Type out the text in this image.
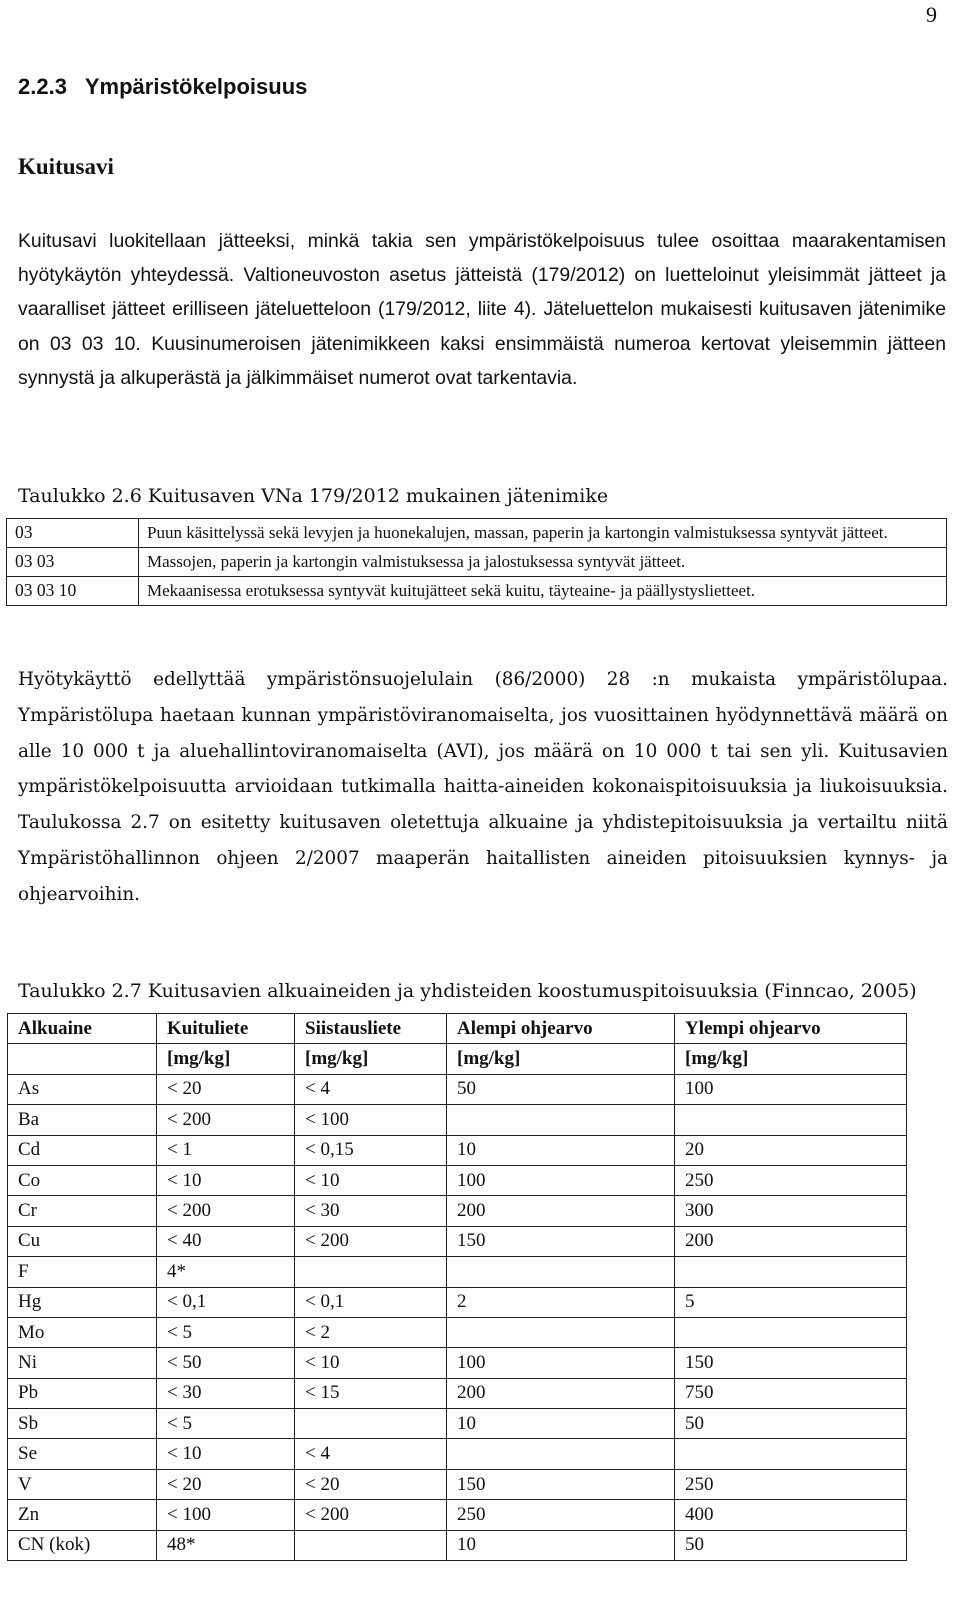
9
2.2.3   Ympäristökelpoisuus
Kuitusavi

Kuitusavi luokitellaan jätteeksi, minkä takia sen ympäristökelpoisuus tulee osoittaa maarakentamisen hyötykäytön yhteydessä. Valtioneuvoston asetus jätteistä (179/2012) on luetteloinut yleisimmät jätteet ja vaaralliset jätteet erilliseen jäteluetteloon (179/2012, liite 4). Jäteluettelon mukaisesti kuitusaven jätenimike on 03 03 10. Kuusinumeroisen jätenimikkeen kaksi ensimmäistä numeroa kertovat yleisemmin jätteen synnystä ja alkuperästä ja jälkimmäiset numerot ovat tarkentavia.

Taulukko 2.6 Kuitusaven VNa 179/2012 mukainen jätenimike

03	Puun käsittelyssä sekä levyjen ja huonekalujen, massan, paperin ja kartongin valmistuksessa syntyvät jätteet.
03 03	Massojen, paperin ja kartongin valmistuksessa ja jalostuksessa syntyvät jätteet.
03 03 10	Mekaanisessa erotuksessa syntyvät kuitujätteet sekä kuitu, täyteaine- ja päällystyslietteet.

Hyötykäyttö edellyttää ympäristönsuojelulain (86/2000) 28 :n mukaista ympäristölupaa. Ympäristölupa haetaan kunnan ympäristöviranomaiselta, jos vuosittainen hyödynnettävä määrä on alle 10 000 t ja aluehallintoviranomaiselta (AVI), jos määrä on 10 000 t tai sen yli. Kuitusavien ympäristökelpoisuutta arvioidaan tutkimalla haitta-aineiden kokonaispitoisuuksia ja liukoisuuksia. Taulukossa 2.7 on esitetty kuitusaven oletettuja alkuaine ja yhdistepitoisuuksia ja vertailtu niitä Ympäristöhallinnon ohjeen 2/2007 maaperän haitallisten aineiden pitoisuuksien kynnys- ja ohjearvoihin.

Taulukko 2.7 Kuitusavien alkuaineiden ja yhdisteiden koostumuspitoisuuksia (Finncao, 2005)

Alkuaine	Kuituliete	Siistausliete	Alempi ohjearvo	Ylempi ohjearvo
	[mg/kg]	[mg/kg]	[mg/kg]	[mg/kg]
As	< 20	< 4	50	100
Ba	< 200	< 100		
Cd	< 1	< 0,15	10	20
Co	< 10	< 10	100	250
Cr	< 200	< 30	200	300
Cu	< 40	< 200	150	200
F	4*			
Hg	< 0,1	< 0,1	2	5
Mo	< 5	< 2		
Ni	< 50	< 10	100	150
Pb	< 30	< 15	200	750
Sb	< 5		10	50
Se	< 10	< 4		
V	< 20	< 20	150	250
Zn	< 100	< 200	250	400
CN (kok)	48*		10	50
